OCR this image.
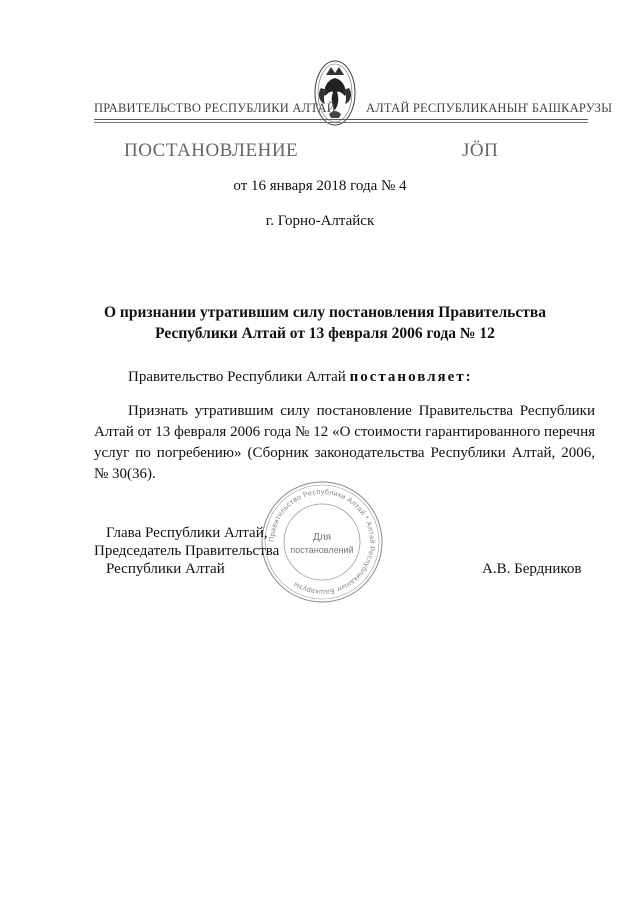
ПРАВИТЕЛЬСТВО РЕСПУБЛИКИ АЛТАЙ АЛТАЙ РЕСПУБЛИКАНЫҤ БАШКАРУЗЫ
ПОСТАНОВЛЕНИЕ	JÖП
от 16 января 2018 года № 4
г. Горно-Алтайск
О признании утратившим силу постановления Правительства
Республики Алтай от 13 февраля 2006 года № 12
Правительство Республики Алтай постановляет:
Признать утратившим силу постановление Правительства Республики Алтай от 13 февраля 2006 года № 12 «О стоимости гарантированного перечня услуг по погребению» (Сборник законодательства Республики Алтай, 2006, № 30(36).
Правительство Республики Алтай * Алтай Республиканыҥ Башкарузы
Для
постановлений
Глава Республики Алтай,
Председатель Правительства
Республики Алтай	А.В. Бердников
